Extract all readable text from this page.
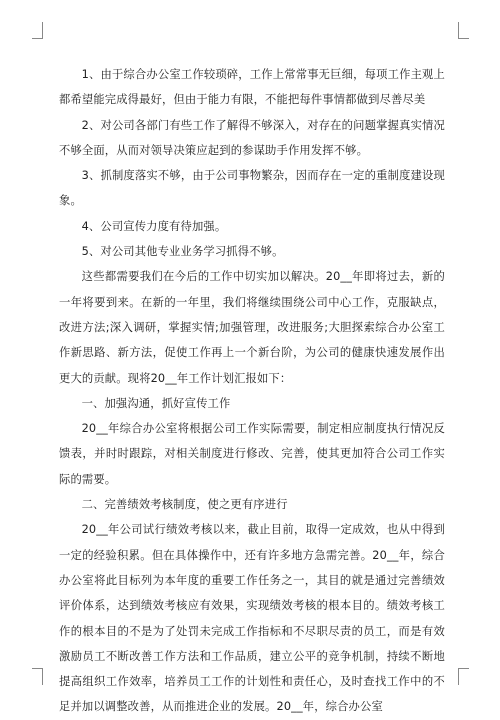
1、由于综合办公室工作较琐碎，工作上常常事无巨细，每项工作主观上都希望能完成得最好，但由于能力有限，不能把每件事情都做到尽善尽美

2、对公司各部门有些工作了解得不够深入，对存在的问题掌握真实情况不够全面，从而对领导决策应起到的参谋助手作用发挥不够。

3、抓制度落实不够，由于公司事物繁杂，因而存在一定的重制度建设现象。

4、公司宣传力度有待加强。

5、对公司其他专业业务学习抓得不够。

这些都需要我们在今后的工作中切实加以解决。20__年即将过去，新的一年将要到来。在新的一年里，我们将继续围绕公司中心工作，克服缺点，改进方法;深入调研，掌握实情;加强管理，改进服务;大胆探索综合办公室工作新思路、新方法，促使工作再上一个新台阶，为公司的健康快速发展作出更大的贡献。现将20__年工作计划汇报如下：

一、加强沟通，抓好宣传工作

20__年综合办公室将根据公司工作实际需要，制定相应制度执行情况反馈表，并时时跟踪，对相关制度进行修改、完善，使其更加符合公司工作实际的需要。

二、完善绩效考核制度，使之更有序进行

20__年公司试行绩效考核以来，截止目前，取得一定成效，也从中得到一定的经验积累。但在具体操作中，还有许多地方急需完善。20__年，综合办公室将此目标列为本年度的重要工作任务之一，其目的就是通过完善绩效评价体系，达到绩效考核应有效果，实现绩效考核的根本目的。绩效考核工作的根本目的不是为了处罚未完成工作指标和不尽职尽责的员工，而是有效激励员工不断改善工作方法和工作品质，建立公平的竞争机制，持续不断地提高组织工作效率，培养员工工作的计划性和责任心，及时查找工作中的不足并加以调整改善，从而推进企业的发展。20__年，综合办公室
